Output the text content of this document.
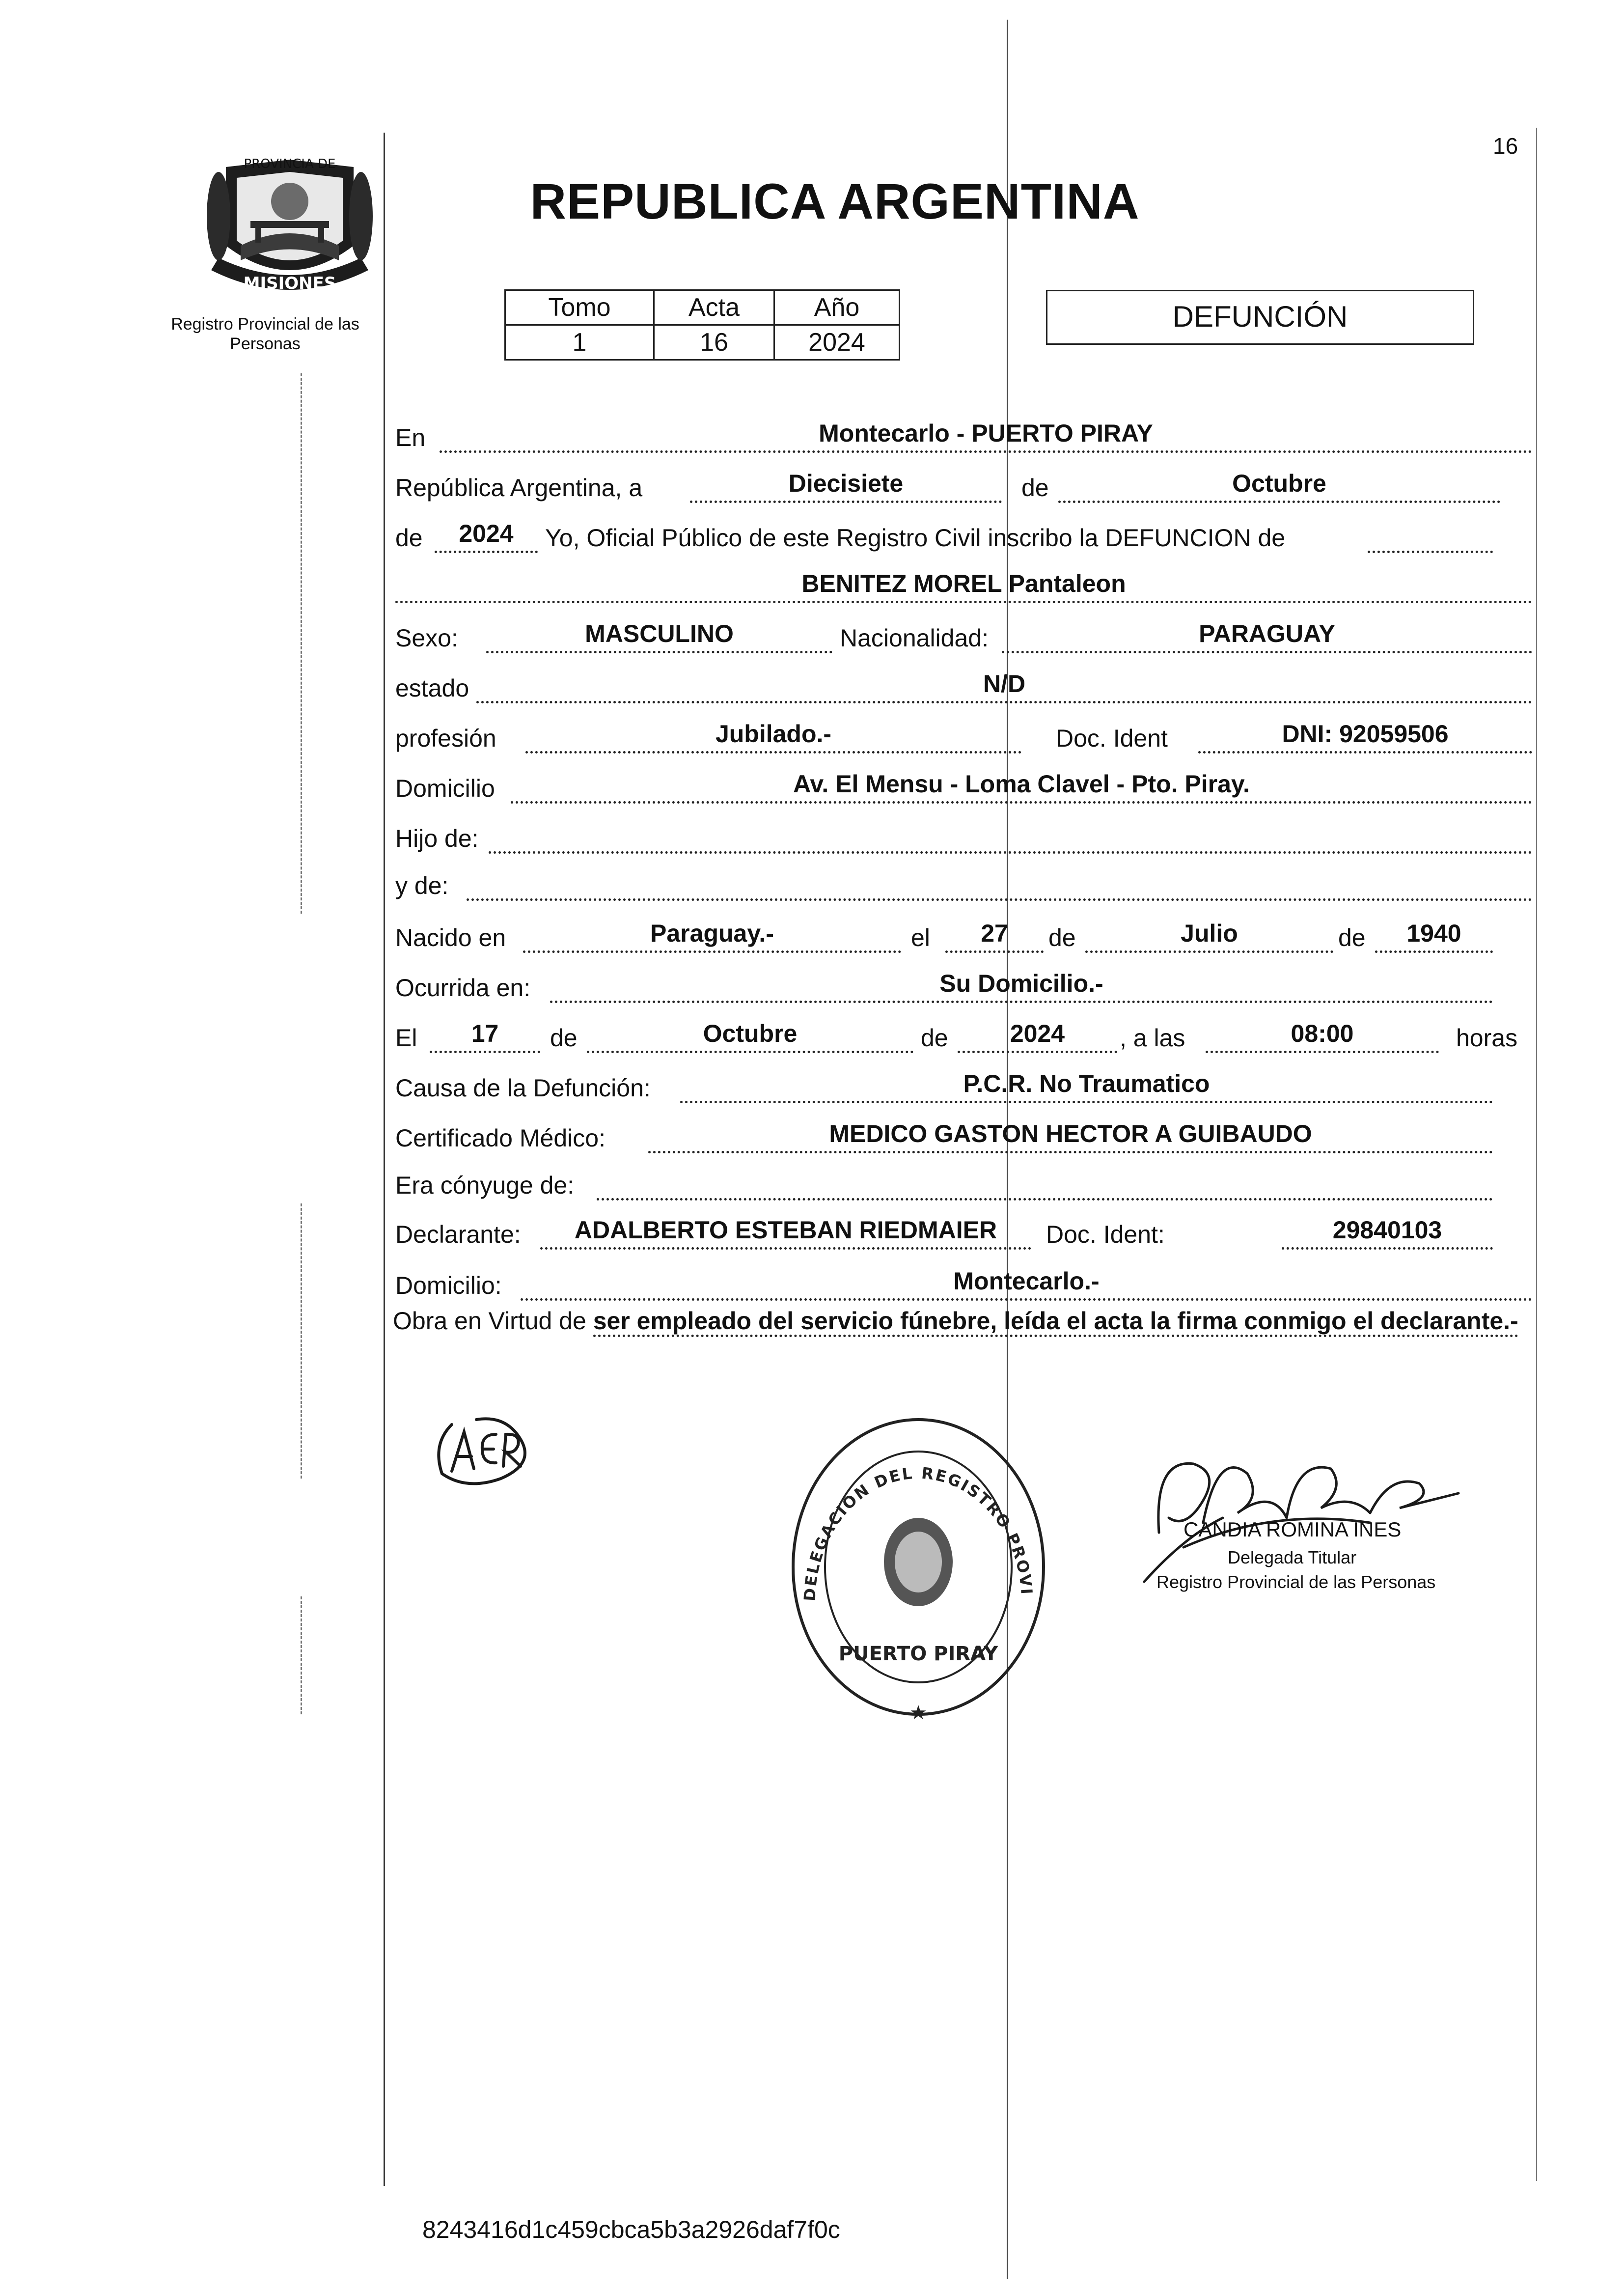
PROVINCIA DE
MISIONES
Registro Provincial de las Personas
16
REPUBLICA ARGENTINA
Tomo	Acta	Año
1	16	2024
DEFUNCIÓN
En	Montecarlo - PUERTO PIRAY
República Argentina, a	Diecisiete	de	Octubre
de	2024	Yo, Oficial Público de este Registro Civil inscribo la DEFUNCION de
BENITEZ MOREL Pantaleon
Sexo:	MASCULINO	Nacionalidad:	PARAGUAY
estado	N/D
profesión	Jubilado.-	Doc. Ident	DNI: 92059506
Domicilio	Av. El Mensu - Loma Clavel - Pto. Piray.
Hijo de:
y de:
Nacido en	Paraguay.-	el	27	de	Julio	de	1940
Ocurrida en:	Su Domicilio.-
El	17	de	Octubre	de	2024	, a las	08:00	horas
Causa de la Defunción:	P.C.R. No Traumatico
Certificado Médico:	MEDICO GASTON HECTOR A GUIBAUDO
Era cónyuge de:
Declarante:	ADALBERTO ESTEBAN RIEDMAIER	Doc. Ident:	29840103
Domicilio:	Montecarlo.-
Obra en Virtud de ser empleado del servicio fúnebre, leída el acta la firma conmigo el declarante.-
DELEGACION DEL REGISTRO PROVI
PUERTO PIRAY
★
CANDIA ROMINA INES
Delegada Titular
Registro Provincial de las Personas
8243416d1c459cbca5b3a2926daf7f0c
